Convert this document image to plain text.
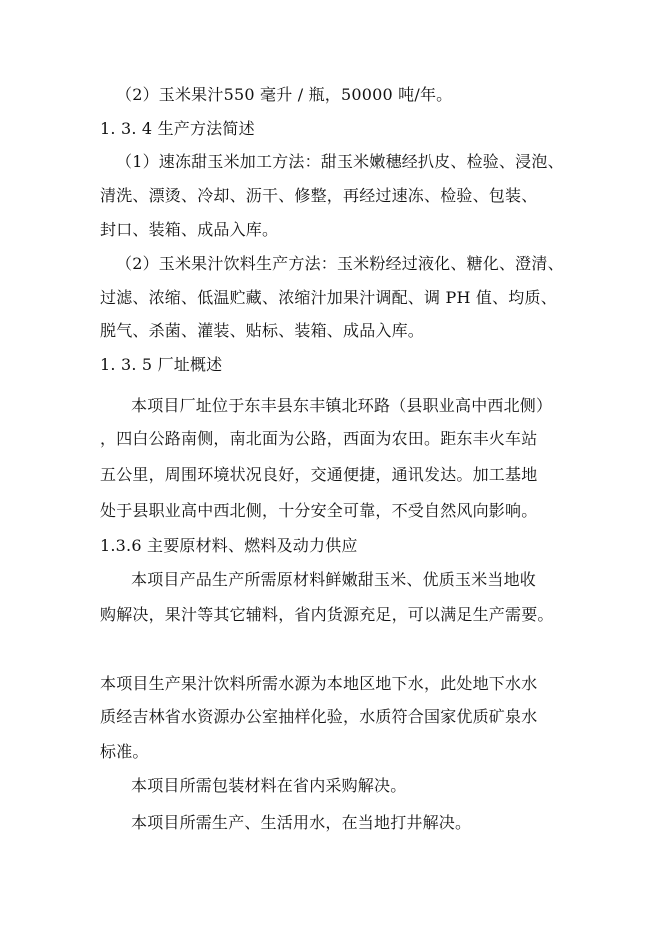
（2）玉米果汁550 毫升 / 瓶，50000 吨/年。
1. 3. 4 生产方法简述
（1）速冻甜玉米加工方法：甜玉米嫩穗经扒皮、检验、浸泡、
清洗、漂烫、冷却、沥干、修整，再经过速冻、检验、包装、
封口、装箱、成品入库。
（2）玉米果汁饮料生产方法：玉米粉经过液化、糖化、澄清、
过滤、浓缩、低温贮藏、浓缩汁加果汁调配、调 PH 值、均质、
脱气、杀菌、灌装、贴标、装箱、成品入库。
1. 3. 5 厂址概述
本项目厂址位于东丰县东丰镇北环路（县职业高中西北侧）
，四白公路南侧，南北面为公路，西面为农田。距东丰火车站
五公里，周围环境状况良好，交通便捷，通讯发达。加工基地
处于县职业高中西北侧，十分安全可靠，不受自然风向影响。
1.3.6 主要原材料、燃料及动力供应
本项目产品生产所需原材料鲜嫩甜玉米、优质玉米当地收
购解决，果汁等其它辅料，省内货源充足，可以满足生产需要。
本项目生产果汁饮料所需水源为本地区地下水，此处地下水水
质经吉林省水资源办公室抽样化验，水质符合国家优质矿泉水
标准。
本项目所需包装材料在省内采购解决。
本项目所需生产、生活用水，在当地打井解决。
